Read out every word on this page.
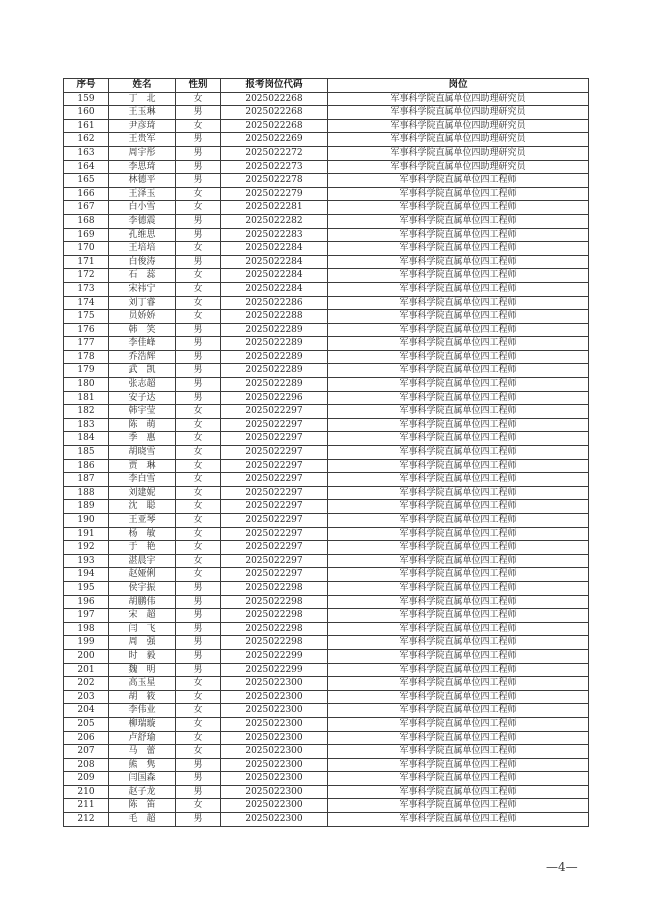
序号	姓名	性别	报考岗位代码	岗位
159	丁　北	女	2025022268	军事科学院直属单位四助理研究员
160	王玉琳	男	2025022268	军事科学院直属单位四助理研究员
161	尹彦琦	女	2025022268	军事科学院直属单位四助理研究员
162	王贵军	男	2025022269	军事科学院直属单位四助理研究员
163	周宇彤	男	2025022272	军事科学院直属单位四助理研究员
164	李思琦	男	2025022273	军事科学院直属单位四助理研究员
165	林德平	男	2025022278	军事科学院直属单位四工程师
166	王泽玉	女	2025022279	军事科学院直属单位四工程师
167	白小雪	女	2025022281	军事科学院直属单位四工程师
168	李德震	男	2025022282	军事科学院直属单位四工程师
169	孔维思	男	2025022283	军事科学院直属单位四工程师
170	王培培	女	2025022284	军事科学院直属单位四工程师
171	白俊涛	男	2025022284	军事科学院直属单位四工程师
172	石　蕊	女	2025022284	军事科学院直属单位四工程师
173	宋祎宁	女	2025022284	军事科学院直属单位四工程师
174	刘丁睿	女	2025022286	军事科学院直属单位四工程师
175	员娇娇	女	2025022288	军事科学院直属单位四工程师
176	韩　笑	男	2025022289	军事科学院直属单位四工程师
177	李佳峰	男	2025022289	军事科学院直属单位四工程师
178	乔浩辉	男	2025022289	军事科学院直属单位四工程师
179	武　凯	男	2025022289	军事科学院直属单位四工程师
180	张志超	男	2025022289	军事科学院直属单位四工程师
181	安子达	男	2025022296	军事科学院直属单位四工程师
182	韩宇莹	女	2025022297	军事科学院直属单位四工程师
183	陈　萌	女	2025022297	军事科学院直属单位四工程师
184	季　惠	女	2025022297	军事科学院直属单位四工程师
185	胡晓雪	女	2025022297	军事科学院直属单位四工程师
186	贾　琳	女	2025022297	军事科学院直属单位四工程师
187	李白雪	女	2025022297	军事科学院直属单位四工程师
188	刘建妮	女	2025022297	军事科学院直属单位四工程师
189	沈　聪	女	2025022297	军事科学院直属单位四工程师
190	王亚琴	女	2025022297	军事科学院直属单位四工程师
191	杨　敏	女	2025022297	军事科学院直属单位四工程师
192	于　艳	女	2025022297	军事科学院直属单位四工程师
193	湛晨宇	女	2025022297	军事科学院直属单位四工程师
194	赵娅俐	女	2025022297	军事科学院直属单位四工程师
195	侯宇振	男	2025022298	军事科学院直属单位四工程师
196	胡鹏伟	男	2025022298	军事科学院直属单位四工程师
197	宋　超	男	2025022298	军事科学院直属单位四工程师
198	闫　飞	男	2025022298	军事科学院直属单位四工程师
199	周　强	男	2025022298	军事科学院直属单位四工程师
200	时　毅	男	2025022299	军事科学院直属单位四工程师
201	魏　明	男	2025022299	军事科学院直属单位四工程师
202	高玉星	女	2025022300	军事科学院直属单位四工程师
203	胡　筱	女	2025022300	军事科学院直属单位四工程师
204	李伟业	女	2025022300	军事科学院直属单位四工程师
205	柳瑞璇	女	2025022300	军事科学院直属单位四工程师
206	卢舒瑜	女	2025022300	军事科学院直属单位四工程师
207	马　蕾	女	2025022300	军事科学院直属单位四工程师
208	熊　隽	男	2025022300	军事科学院直属单位四工程师
209	闫国森	男	2025022300	军事科学院直属单位四工程师
210	赵子龙	男	2025022300	军事科学院直属单位四工程师
211	陈　笛	女	2025022300	军事科学院直属单位四工程师
212	毛　超	男	2025022300	军事科学院直属单位四工程师
—4—
